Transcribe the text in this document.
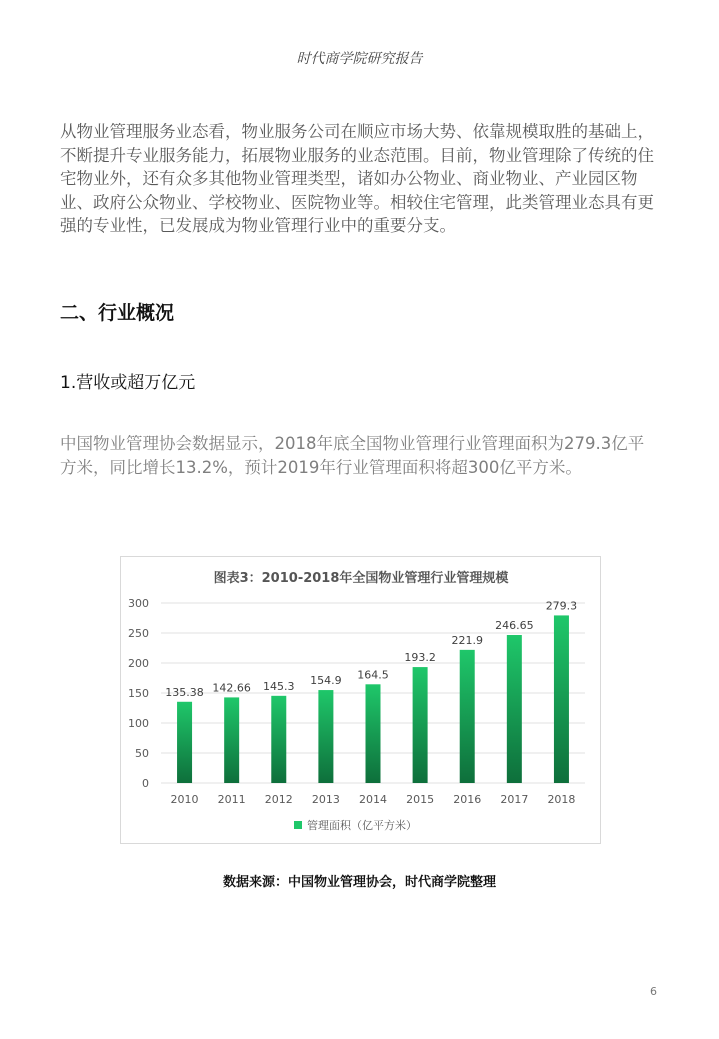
时代商学院研究报告
从物业管理服务业态看，物业服务公司在顺应市场大势、依靠规模取胜的基础上，不断提升专业服务能力，拓展物业服务的业态范围。目前，物业管理除了传统的住宅物业外，还有众多其他物业管理类型，诸如办公物业、商业物业、产业园区物业、政府公众物业、学校物业、医院物业等。相较住宅管理，此类管理业态具有更强的专业性，已发展成为物业管理行业中的重要分支。
二、行业概况
1.营收或超万亿元
中国物业管理协会数据显示，2018年底全国物业管理行业管理面积为279.3亿平方米，同比增长13.2%，预计2019年行业管理面积将超300亿平方米。
图表3：2010-2018年全国物业管理行业管理规模
0
50
100
150
200
250
300
135.38
2010
142.66
2011
145.3
2012
154.9
2013
164.5
2014
193.2
2015
221.9
2016
246.65
2017
279.3
2018
管理面积（亿平方米）
数据来源：中国物业管理协会，时代商学院整理
6
